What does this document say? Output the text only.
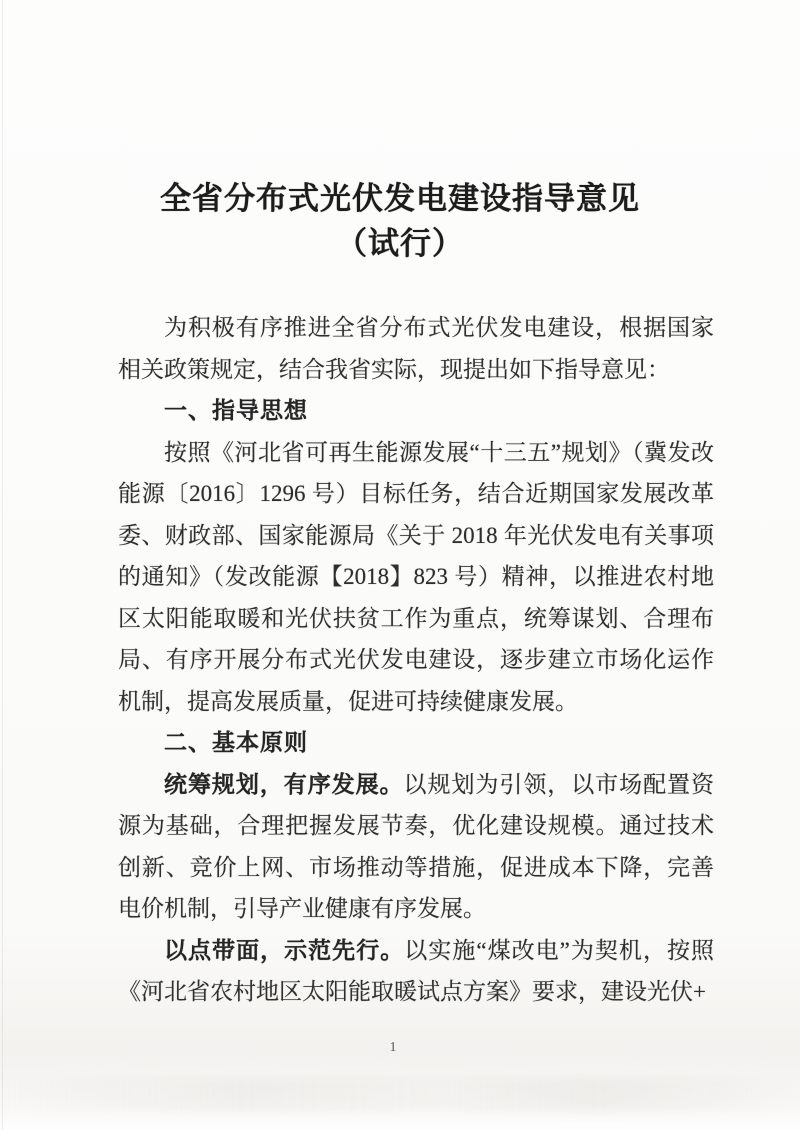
全省分布式光伏发电建设指导意见
（试行）

为积极有序推进全省分布式光伏发电建设，根据国家相关政策规定，结合我省实际，现提出如下指导意见：

一、指导思想

按照《河北省可再生能源发展“十三五”规划》（冀发改能源〔2016〕1296 号）目标任务，结合近期国家发展改革委、财政部、国家能源局《关于 2018 年光伏发电有关事项的通知》（发改能源【2018】823 号）精神，以推进农村地区太阳能取暖和光伏扶贫工作为重点，统筹谋划、合理布局、有序开展分布式光伏发电建设，逐步建立市场化运作机制，提高发展质量，促进可持续健康发展。

二、基本原则

统筹规划，有序发展。以规划为引领，以市场配置资源为基础，合理把握发展节奏，优化建设规模。通过技术创新、竞价上网、市场推动等措施，促进成本下降，完善电价机制，引导产业健康有序发展。

以点带面，示范先行。以实施“煤改电”为契机，按照《河北省农村地区太阳能取暖试点方案》要求，建设光伏+

1
